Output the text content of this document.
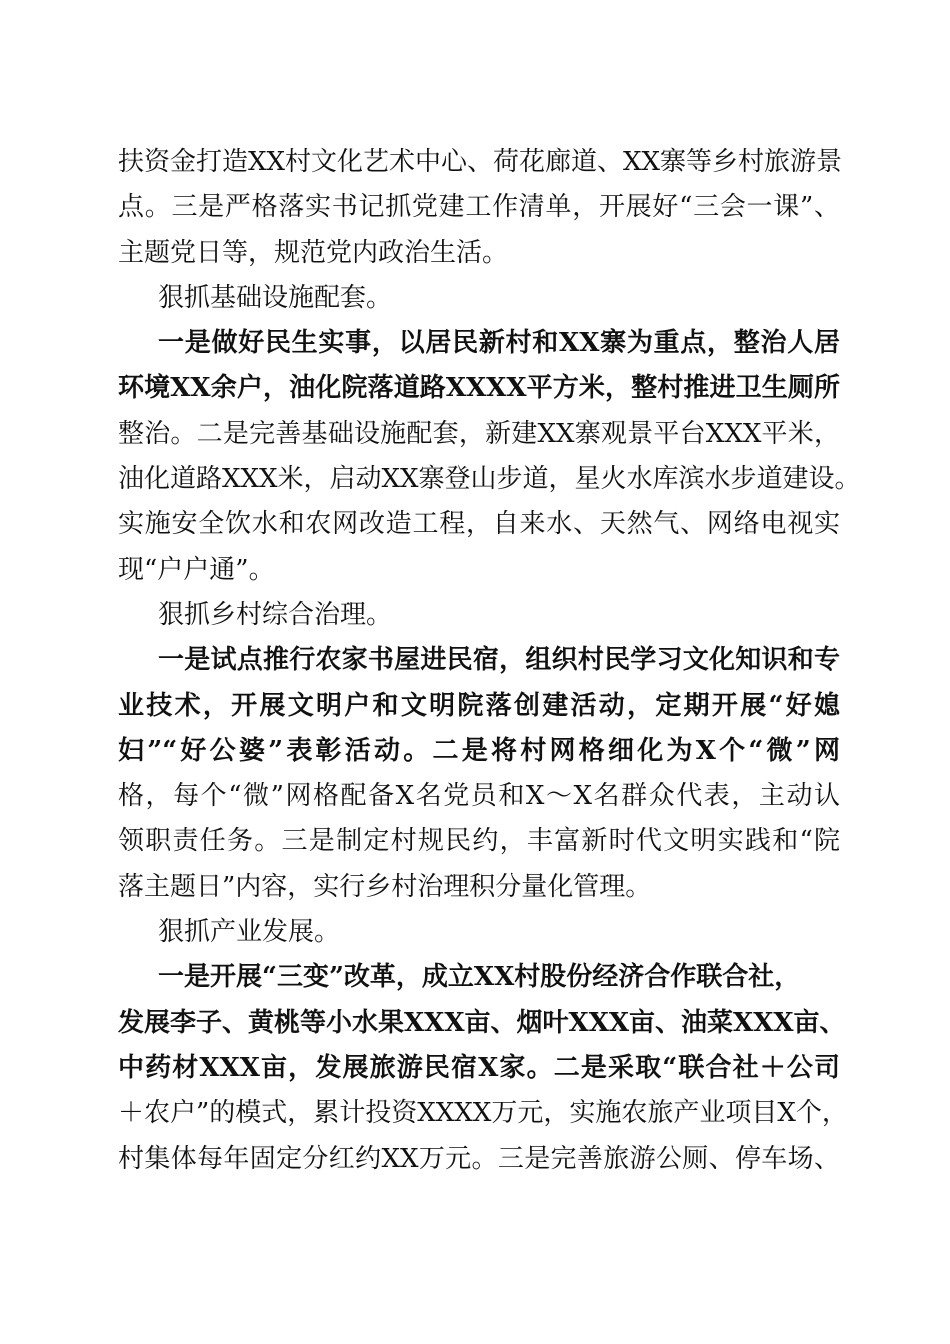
扶资金打造XX村文化艺术中心、荷花廊道、XX寨等乡村旅游景
点。三是严格落实书记抓党建工作清单，开展好“三会一课”、
主题党日等，规范党内政治生活。
狠抓基础设施配套。
一是做好民生实事，以居民新村和XX寨为重点，整治人居
环境XX余户，油化院落道路XXXX平方米，整村推进卫生厕所
整治。二是完善基础设施配套，新建XX寨观景平台XXX平米，
油化道路XXX米，启动XX寨登山步道，星火水库滨水步道建设。
实施安全饮水和农网改造工程，自来水、天然气、网络电视实
现“户户通”。
狠抓乡村综合治理。
一是试点推行农家书屋进民宿，组织村民学习文化知识和专
业技术，开展文明户和文明院落创建活动，定期开展“好媳
妇”“好公婆”表彰活动。二是将村网格细化为X个“微”网
格，每个“微”网格配备X名党员和X～X名群众代表，主动认
领职责任务。三是制定村规民约，丰富新时代文明实践和“院
落主题日”内容，实行乡村治理积分量化管理。
狠抓产业发展。
一是开展“三变”改革，成立XX村股份经济合作联合社，
发展李子、黄桃等小水果XXX亩、烟叶XXX亩、油菜XXX亩、
中药材XXX亩，发展旅游民宿X家。二是采取“联合社＋公司
＋农户”的模式，累计投资XXXX万元，实施农旅产业项目X个，
村集体每年固定分红约XX万元。三是完善旅游公厕、停车场、
